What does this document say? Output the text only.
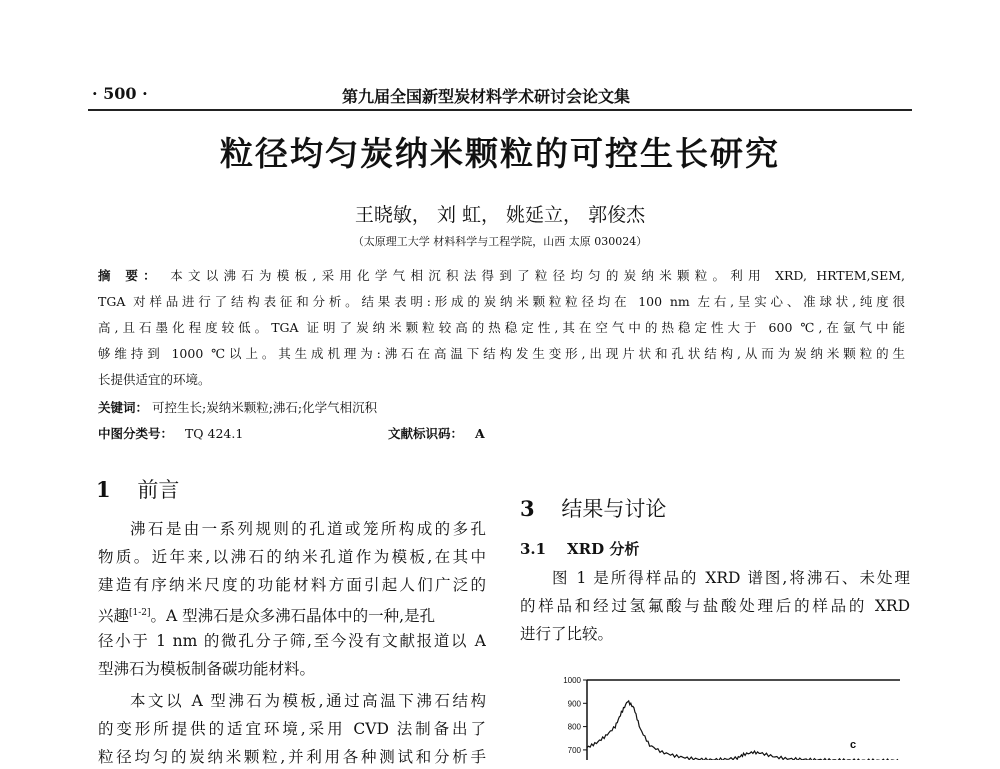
· 500 ·	第九届全国新型炭材料学术研讨会论文集
粒径均匀炭纳米颗粒的可控生长研究
王晓敏， 刘 虹， 姚延立， 郭俊杰
（太原理工大学 材料科学与工程学院，山西 太原 030024）
摘 要： 本文以沸石为模板,采用化学气相沉积法得到了粒径均匀的炭纳米颗粒。利用 XRD, HRTEM,SEM,
TGA 对样品进行了结构表征和分析。结果表明:形成的炭纳米颗粒粒径均在 100 nm 左右,呈实心、准球状,纯度很
高,且石墨化程度较低。TGA 证明了炭纳米颗粒较高的热稳定性,其在空气中的热稳定性大于 600 ℃,在氩气中能
够维持到 1000 ℃以上。其生成机理为:沸石在高温下结构发生变形,出现片状和孔状结构,从而为炭纳米颗粒的生
长提供适宜的环境。
关键词： 可控生长;炭纳米颗粒;沸石;化学气相沉积
中图分类号： TQ 424.1	文献标识码： A
1 前言
沸石是由一系列规则的孔道或笼所构成的多孔
物质。近年来,以沸石的纳米孔道作为模板,在其中
建造有序纳米尺度的功能材料方面引起人们广泛的
兴趣[1-2]。A 型沸石是众多沸石晶体中的一种,是孔
径小于 1 nm 的微孔分子筛,至今没有文献报道以 A
型沸石为模板制备碳功能材料。
本文以 A 型沸石为模板,通过高温下沸石结构
的变形所提供的适宜环境,采用 CVD 法制备出了
粒径均匀的炭纳米颗粒,并利用各种测试和分析手
3 结果与讨论
3.1 XRD 分析
图 1 是所得样品的 XRD 谱图,将沸石、未处理
的样品和经过氢氟酸与盐酸处理后的样品的 XRD
进行了比较。
1000
900
800
700	c
